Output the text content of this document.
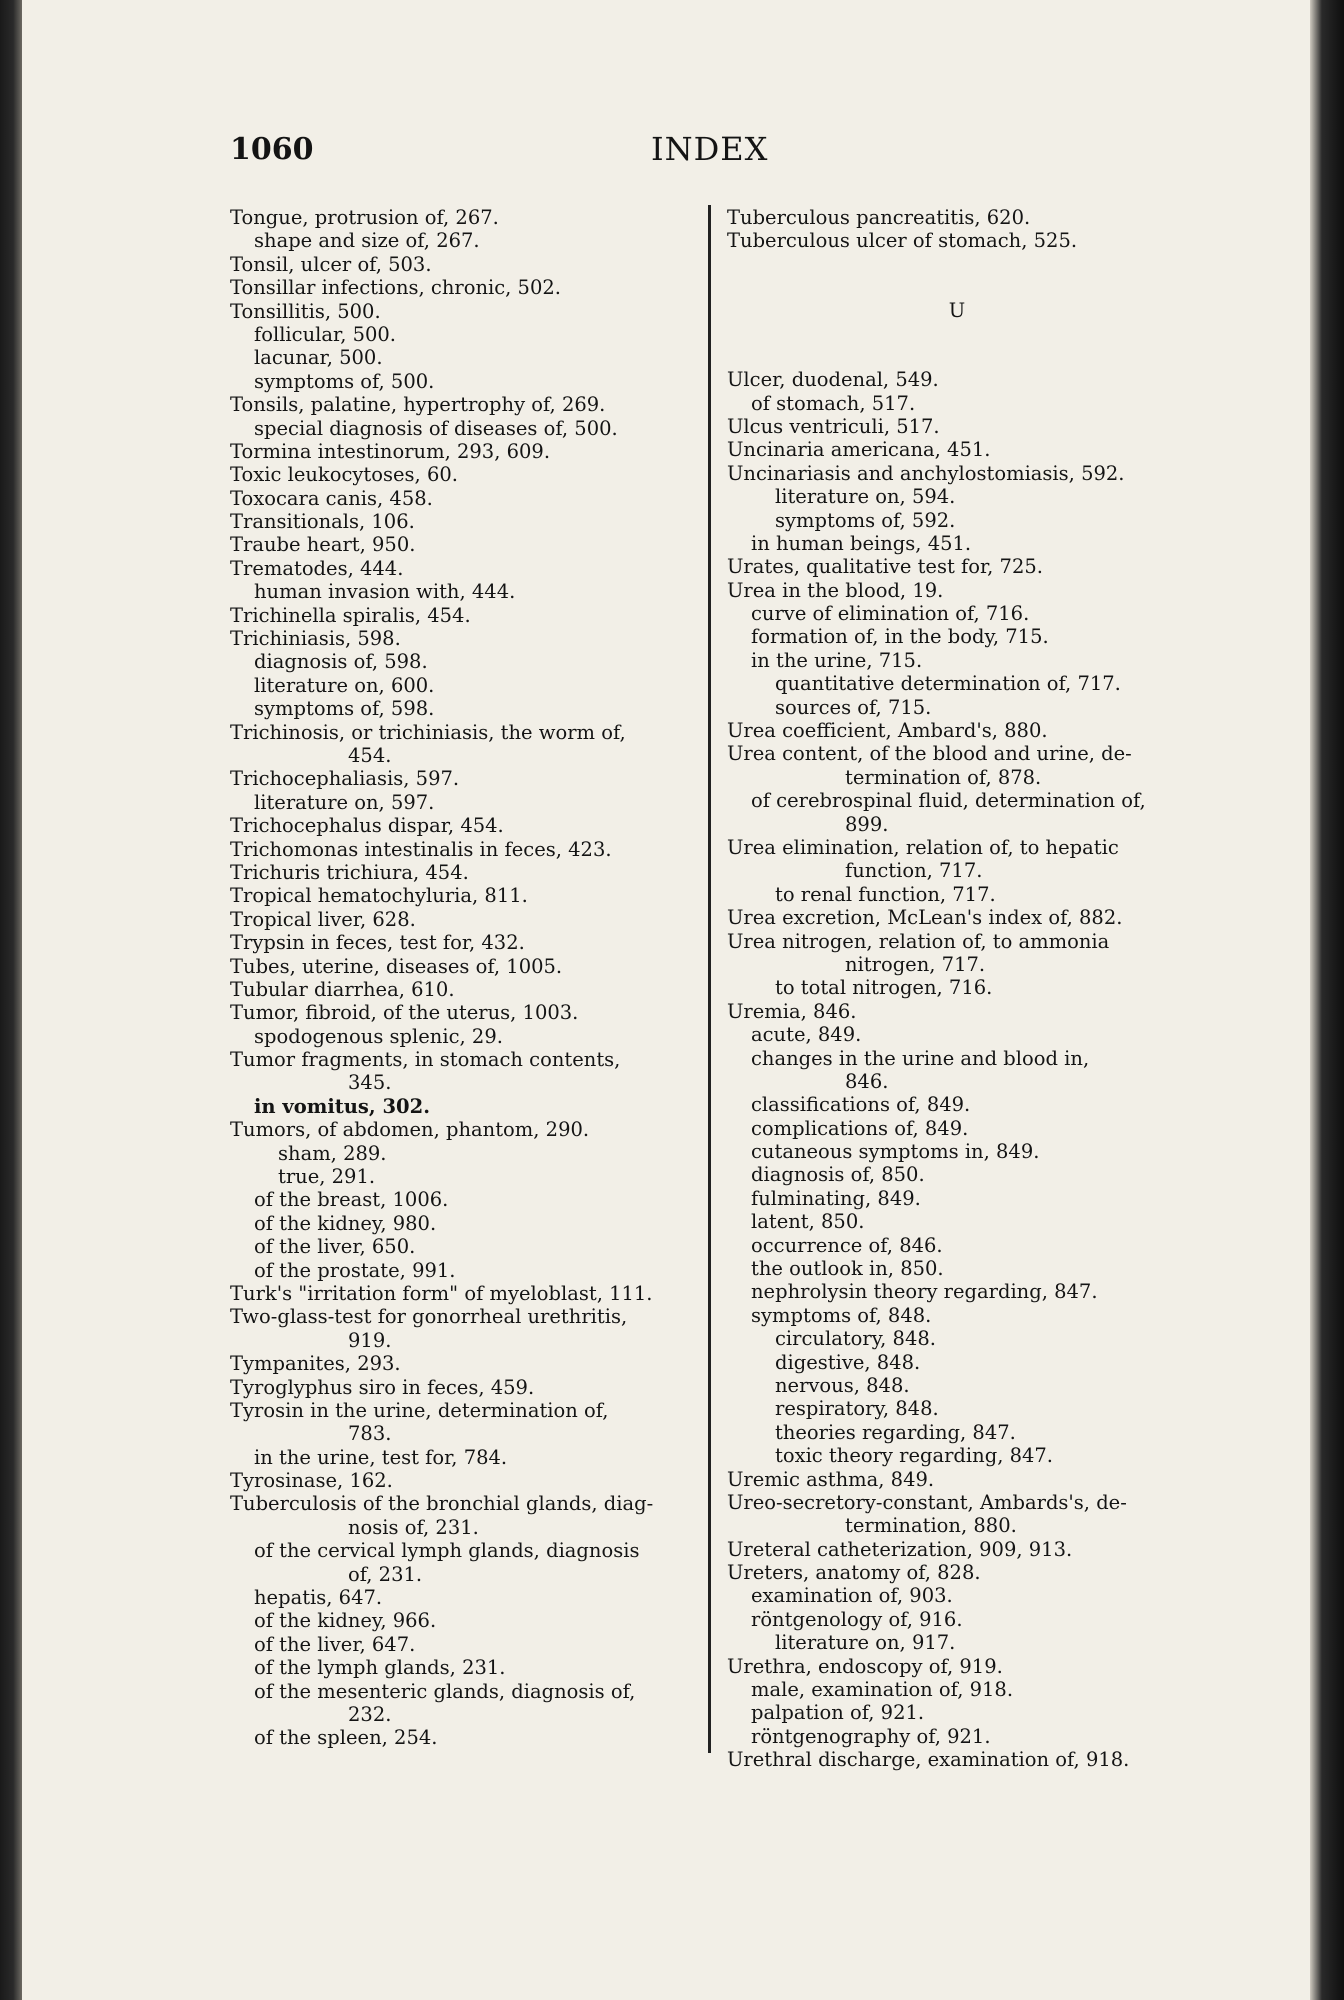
1060	INDEX
Tongue, protrusion of, 267.
shape and size of, 267.
Tonsil, ulcer of, 503.
Tonsillar infections, chronic, 502.
Tonsillitis, 500.
follicular, 500.
lacunar, 500.
symptoms of, 500.
Tonsils, palatine, hypertrophy of, 269.
special diagnosis of diseases of, 500.
Tormina intestinorum, 293, 609.
Toxic leukocytoses, 60.
Toxocara canis, 458.
Transitionals, 106.
Traube heart, 950.
Trematodes, 444.
human invasion with, 444.
Trichinella spiralis, 454.
Trichiniasis, 598.
diagnosis of, 598.
literature on, 600.
symptoms of, 598.
Trichinosis, or trichiniasis, the worm of,
454.
Trichocephaliasis, 597.
literature on, 597.
Trichocephalus dispar, 454.
Trichomonas intestinalis in feces, 423.
Trichuris trichiura, 454.
Tropical hematochyluria, 811.
Tropical liver, 628.
Trypsin in feces, test for, 432.
Tubes, uterine, diseases of, 1005.
Tubular diarrhea, 610.
Tumor, fibroid, of the uterus, 1003.
spodogenous splenic, 29.
Tumor fragments, in stomach contents,
345.
in vomitus, 302.
Tumors, of abdomen, phantom, 290.
sham, 289.
true, 291.
of the breast, 1006.
of the kidney, 980.
of the liver, 650.
of the prostate, 991.
Turk's "irritation form" of myeloblast, 111.
Two-glass-test for gonorrheal urethritis,
919.
Tympanites, 293.
Tyroglyphus siro in feces, 459.
Tyrosin in the urine, determination of,
783.
in the urine, test for, 784.
Tyrosinase, 162.
Tuberculosis of the bronchial glands, diag-
nosis of, 231.
of the cervical lymph glands, diagnosis
of, 231.
hepatis, 647.
of the kidney, 966.
of the liver, 647.
of the lymph glands, 231.
of the mesenteric glands, diagnosis of,
232.
of the spleen, 254.
Tuberculous pancreatitis, 620.
Tuberculous ulcer of stomach, 525.
U
Ulcer, duodenal, 549.
of stomach, 517.
Ulcus ventriculi, 517.
Uncinaria americana, 451.
Uncinariasis and anchylostomiasis, 592.
literature on, 594.
symptoms of, 592.
in human beings, 451.
Urates, qualitative test for, 725.
Urea in the blood, 19.
curve of elimination of, 716.
formation of, in the body, 715.
in the urine, 715.
quantitative determination of, 717.
sources of, 715.
Urea coefficient, Ambard's, 880.
Urea content, of the blood and urine, de-
termination of, 878.
of cerebrospinal fluid, determination of,
899.
Urea elimination, relation of, to hepatic
function, 717.
to renal function, 717.
Urea excretion, McLean's index of, 882.
Urea nitrogen, relation of, to ammonia
nitrogen, 717.
to total nitrogen, 716.
Uremia, 846.
acute, 849.
changes in the urine and blood in,
846.
classifications of, 849.
complications of, 849.
cutaneous symptoms in, 849.
diagnosis of, 850.
fulminating, 849.
latent, 850.
occurrence of, 846.
the outlook in, 850.
nephrolysin theory regarding, 847.
symptoms of, 848.
circulatory, 848.
digestive, 848.
nervous, 848.
respiratory, 848.
theories regarding, 847.
toxic theory regarding, 847.
Uremic asthma, 849.
Ureo-secretory-constant, Ambards's, de-
termination, 880.
Ureteral catheterization, 909, 913.
Ureters, anatomy of, 828.
examination of, 903.
röntgenology of, 916.
literature on, 917.
Urethra, endoscopy of, 919.
male, examination of, 918.
palpation of, 921.
röntgenography of, 921.
Urethral discharge, examination of, 918.
